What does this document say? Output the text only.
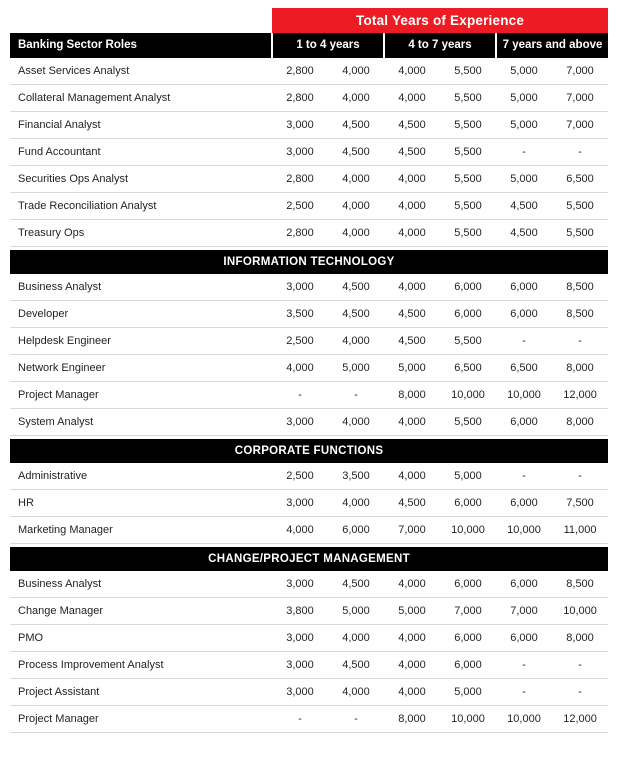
	Total Years of Experience					
Banking Sector Roles	1 to 4 years		4 to 7 years		7 years and above	
Asset Services Analyst	2,800	4,000	4,000	5,500	5,000	7,000
Collateral Management Analyst	2,800	4,000	4,000	5,500	5,000	7,000
Financial Analyst	3,000	4,500	4,500	5,500	5,000	7,000
Fund Accountant	3,000	4,500	4,500	5,500	-	-
Securities Ops Analyst	2,800	4,000	4,000	5,500	5,000	6,500
Trade Reconciliation Analyst	2,500	4,000	4,000	5,500	4,500	5,500
Treasury Ops	2,800	4,000	4,000	5,500	4,500	5,500

INFORMATION TECHNOLOGY						
Business Analyst	3,000	4,500	4,000	6,000	6,000	8,500
Developer	3,500	4,500	4,500	6,000	6,000	8,500
Helpdesk Engineer	2,500	4,000	4,500	5,500	-	-
Network Engineer	4,000	5,000	5,000	6,500	6,500	8,000
Project Manager	-	-	8,000	10,000	10,000	12,000
System Analyst	3,000	4,000	4,000	5,500	6,000	8,000

CORPORATE FUNCTIONS						
Administrative	2,500	3,500	4,000	5,000	-	-
HR	3,000	4,000	4,500	6,000	6,000	7,500
Marketing Manager	4,000	6,000	7,000	10,000	10,000	11,000

CHANGE/PROJECT MANAGEMENT						
Business Analyst	3,000	4,500	4,000	6,000	6,000	8,500
Change Manager	3,800	5,000	5,000	7,000	7,000	10,000
PMO	3,000	4,000	4,000	6,000	6,000	8,000
Process Improvement Analyst	3,000	4,500	4,000	6,000	-	-
Project Assistant	3,000	4,000	4,000	5,000	-	-
Project Manager	-	-	8,000	10,000	10,000	12,000
